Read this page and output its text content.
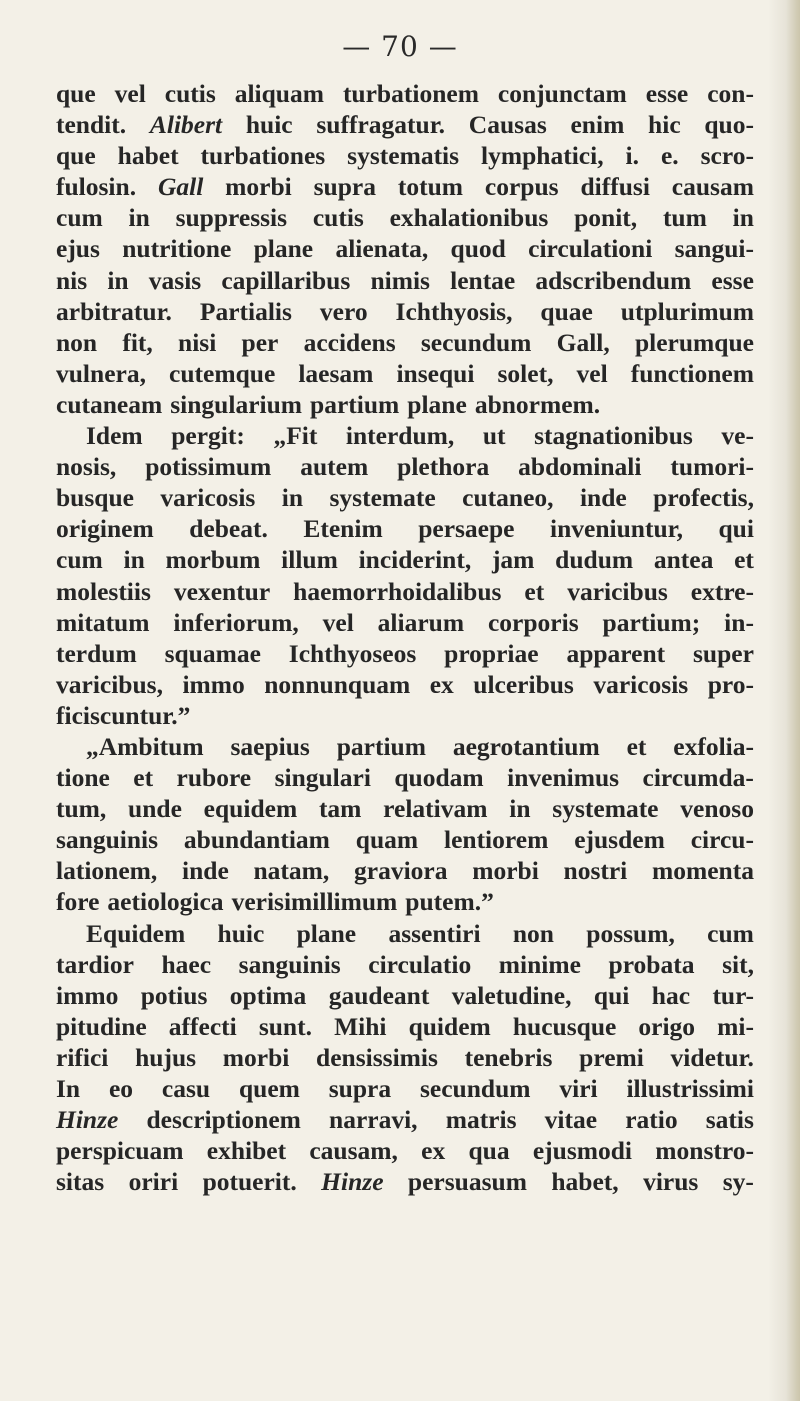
— 70 —
que vel cutis aliquam turbationem conjunctam esse con-
tendit. Alibert huic suffragatur. Causas enim hic quo-
que habet turbationes systematis lymphatici, i. e. scro-
fulosin. Gall morbi supra totum corpus diffusi causam
cum in suppressis cutis exhalationibus ponit, tum in
ejus nutritione plane alienata, quod circulationi sangui-
nis in vasis capillaribus nimis lentae adscribendum esse
arbitratur. Partialis vero Ichthyosis, quae utplurimum
non fit, nisi per accidens secundum Gall, plerumque
vulnera, cutemque laesam insequi solet, vel functionem
cutaneam singularium partium plane abnormem.
Idem pergit: „Fit interdum, ut stagnationibus ve-
nosis, potissimum autem plethora abdominali tumori-
busque varicosis in systemate cutaneo, inde profectis,
originem debeat. Etenim persaepe inveniuntur, qui
cum in morbum illum inciderint, jam dudum antea et
molestiis vexentur haemorrhoidalibus et varicibus extre-
mitatum inferiorum, vel aliarum corporis partium; in-
terdum squamae Ichthyoseos propriae apparent super
varicibus, immo nonnunquam ex ulceribus varicosis pro-
ficiscuntur.”
„Ambitum saepius partium aegrotantium et exfolia-
tione et rubore singulari quodam invenimus circumda-
tum, unde equidem tam relativam in systemate venoso
sanguinis abundantiam quam lentiorem ejusdem circu-
lationem, inde natam, graviora morbi nostri momenta
fore aetiologica verisimillimum putem.”
Equidem huic plane assentiri non possum, cum
tardior haec sanguinis circulatio minime probata sit,
immo potius optima gaudeant valetudine, qui hac tur-
pitudine affecti sunt. Mihi quidem hucusque origo mi-
rifici hujus morbi densissimis tenebris premi videtur.
In eo casu quem supra secundum viri illustrissimi
Hinze descriptionem narravi, matris vitae ratio satis
perspicuam exhibet causam, ex qua ejusmodi monstro-
sitas oriri potuerit. Hinze persuasum habet, virus sy-
